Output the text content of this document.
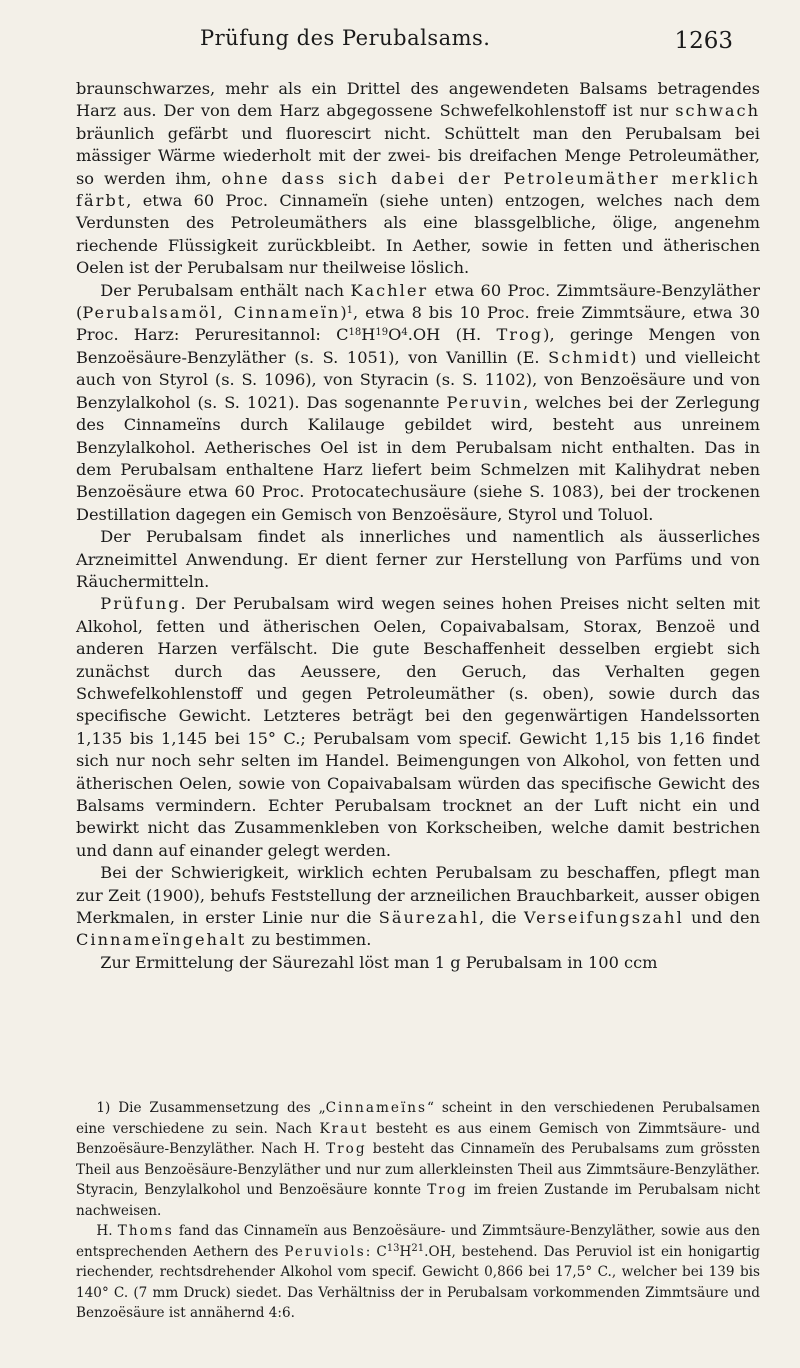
Prüfung des Perubalsams.	1263

braunschwarzes, mehr als ein Drittel des angewendeten Balsams betragendes Harz aus. Der von dem Harz abgegossene Schwefelkohlenstoff ist nur schwach bräunlich gefärbt und fluorescirt nicht. Schüttelt man den Perubalsam bei mässiger Wärme wiederholt mit der zwei- bis dreifachen Menge Petroleumäther, so werden ihm, ohne dass sich dabei der Petroleumäther merklich färbt, etwa 60 Proc. Cinnameïn (siehe unten) entzogen, welches nach dem Verdunsten des Petroleumäthers als eine blassgelbliche, ölige, angenehm riechende Flüssigkeit zurückbleibt. In Aether, sowie in fetten und ätherischen Oelen ist der Perubalsam nur theilweise löslich.

Der Perubalsam enthält nach Kachler etwa 60 Proc. Zimmtsäure-Benzyläther (Perubalsamöl, Cinnameïn)$^1$, etwa 8 bis 10 Proc. freie Zimmtsäure, etwa 30 Proc. Harz: Peruresitannol: $C^{18}H^{19}O^4.OH$ (H. Trog), geringe Mengen von Benzoësäure-Benzyläther (s. S. 1051), von Vanillin (E. Schmidt) und vielleicht auch von Styrol (s. S. 1096), von Styracin (s. S. 1102), von Benzoësäure und von Benzylalkohol (s. S. 1021). Das sogenannte Peruvin, welches bei der Zerlegung des Cinnameïns durch Kalilauge gebildet wird, besteht aus unreinem Benzylalkohol. Aetherisches Oel ist in dem Perubalsam nicht enthalten. Das in dem Perubalsam enthaltene Harz liefert beim Schmelzen mit Kalihydrat neben Benzoësäure etwa 60 Proc. Protocatechusäure (siehe S. 1083), bei der trockenen Destillation dagegen ein Gemisch von Benzoësäure, Styrol und Toluol.

Der Perubalsam findet als innerliches und namentlich als äusserliches Arzneimittel Anwendung. Er dient ferner zur Herstellung von Parfüms und von Räuchermitteln.

Prüfung. Der Perubalsam wird wegen seines hohen Preises nicht selten mit Alkohol, fetten und ätherischen Oelen, Copaivabalsam, Storax, Benzoë und anderen Harzen verfälscht. Die gute Beschaffenheit desselben ergiebt sich zunächst durch das Aeussere, den Geruch, das Verhalten gegen Schwefelkohlenstoff und gegen Petroleumäther (s. oben), sowie durch das specifische Gewicht. Letzteres beträgt bei den gegenwärtigen Handelssorten 1,135 bis 1,145 bei 15° C.; Perubalsam vom specif. Gewicht 1,15 bis 1,16 findet sich nur noch sehr selten im Handel. Beimengungen von Alkohol, von fetten und ätherischen Oelen, sowie von Copaivabalsam würden das specifische Gewicht des Balsams vermindern. Echter Perubalsam trocknet an der Luft nicht ein und bewirkt nicht das Zusammenkleben von Korkscheiben, welche damit bestrichen und dann auf einander gelegt werden.

Bei der Schwierigkeit, wirklich echten Perubalsam zu beschaffen, pflegt man zur Zeit (1900), behufs Feststellung der arzneilichen Brauchbarkeit, ausser obigen Merkmalen, in erster Linie nur die Säurezahl, die Verseifungszahl und den Cinnameïngehalt zu bestimmen.

Zur Ermittelung der Säurezahl löst man 1 g Perubalsam in 100 ccm

1) Die Zusammensetzung des „Cinnameïns“ scheint in den verschiedenen Perubalsamen eine verschiedene zu sein. Nach Kraut besteht es aus einem Gemisch von Zimmtsäure- und Benzoësäure-Benzyläther. Nach H. Trog besteht das Cinnameïn des Perubalsams zum grössten Theil aus Benzoësäure-Benzyläther und nur zum allerkleinsten Theil aus Zimmtsäure-Benzyläther. Styracin, Benzylalkohol und Benzoësäure konnte Trog im freien Zustande im Perubalsam nicht nachweisen.

H. Thoms fand das Cinnameïn aus Benzoësäure- und Zimmtsäure-Benzyläther, sowie aus den entsprechenden Aethern des Peruviols: $C^{13}H^{21}.OH$, bestehend. Das Peruviol ist ein honigartig riechender, rechtsdrehender Alkohol vom specif. Gewicht 0,866 bei 17,5° C., welcher bei 139 bis 140° C. (7 mm Druck) siedet. Das Verhältniss der in Perubalsam vorkommenden Zimmtsäure und Benzoësäure ist annähernd 4:6.
